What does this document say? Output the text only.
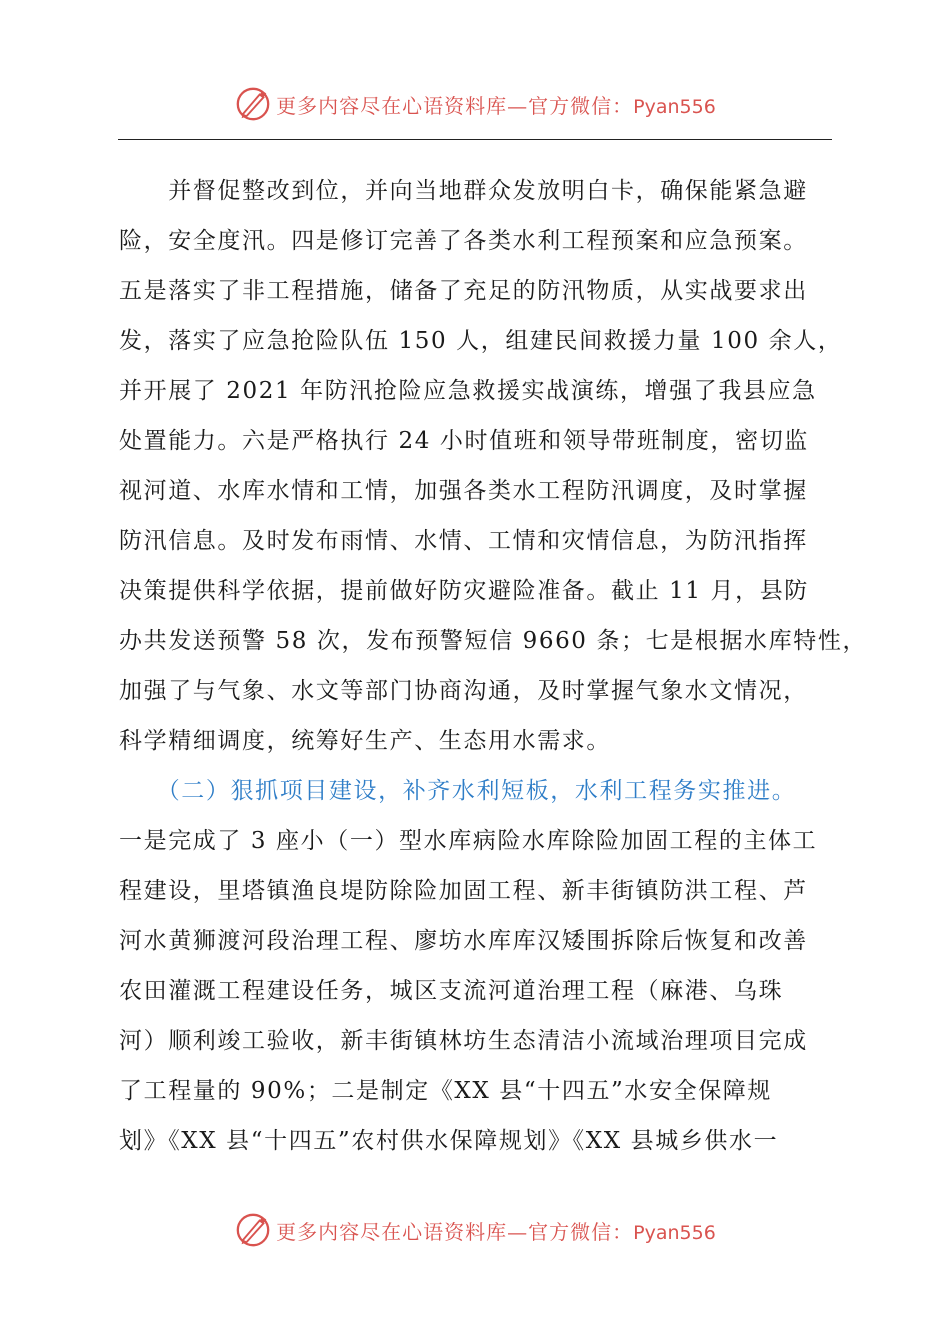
更多内容尽在心语资料库—官方微信：Pyan556
　　并督促整改到位，并向当地群众发放明白卡，确保能紧急避
险，安全度汛。四是修订完善了各类水利工程预案和应急预案。
五是落实了非工程措施，储备了充足的防汛物质，从实战要求出
发，落实了应急抢险队伍 150 人，组建民间救援力量 100 余人，
并开展了 2021 年防汛抢险应急救援实战演练，增强了我县应急
处置能力。六是严格执行 24 小时值班和领导带班制度，密切监
视河道、水库水情和工情，加强各类水工程防汛调度，及时掌握
防汛信息。及时发布雨情、水情、工情和灾情信息，为防汛指挥
决策提供科学依据，提前做好防灾避险准备。截止 11 月，县防
办共发送预警 58 次，发布预警短信 9660 条；七是根据水库特性，
加强了与气象、水文等部门协商沟通，及时掌握气象水文情况，
科学精细调度，统筹好生产、生态用水需求。
　　（二）狠抓项目建设，补齐水利短板，水利工程务实推进。
一是完成了 3 座小（一）型水库病险水库除险加固工程的主体工
程建设，里塔镇渔良堤防除险加固工程、新丰街镇防洪工程、芦
河水黄狮渡河段治理工程、廖坊水库库汉矮围拆除后恢复和改善
农田灌溉工程建设任务，城区支流河道治理工程（麻港、乌珠
河）顺利竣工验收，新丰街镇林坊生态清洁小流域治理项目完成
了工程量的 90%；二是制定《XX 县“十四五”水安全保障规
划》《XX 县“十四五”农村供水保障规划》《XX 县城乡供水一
更多内容尽在心语资料库—官方微信：Pyan556
